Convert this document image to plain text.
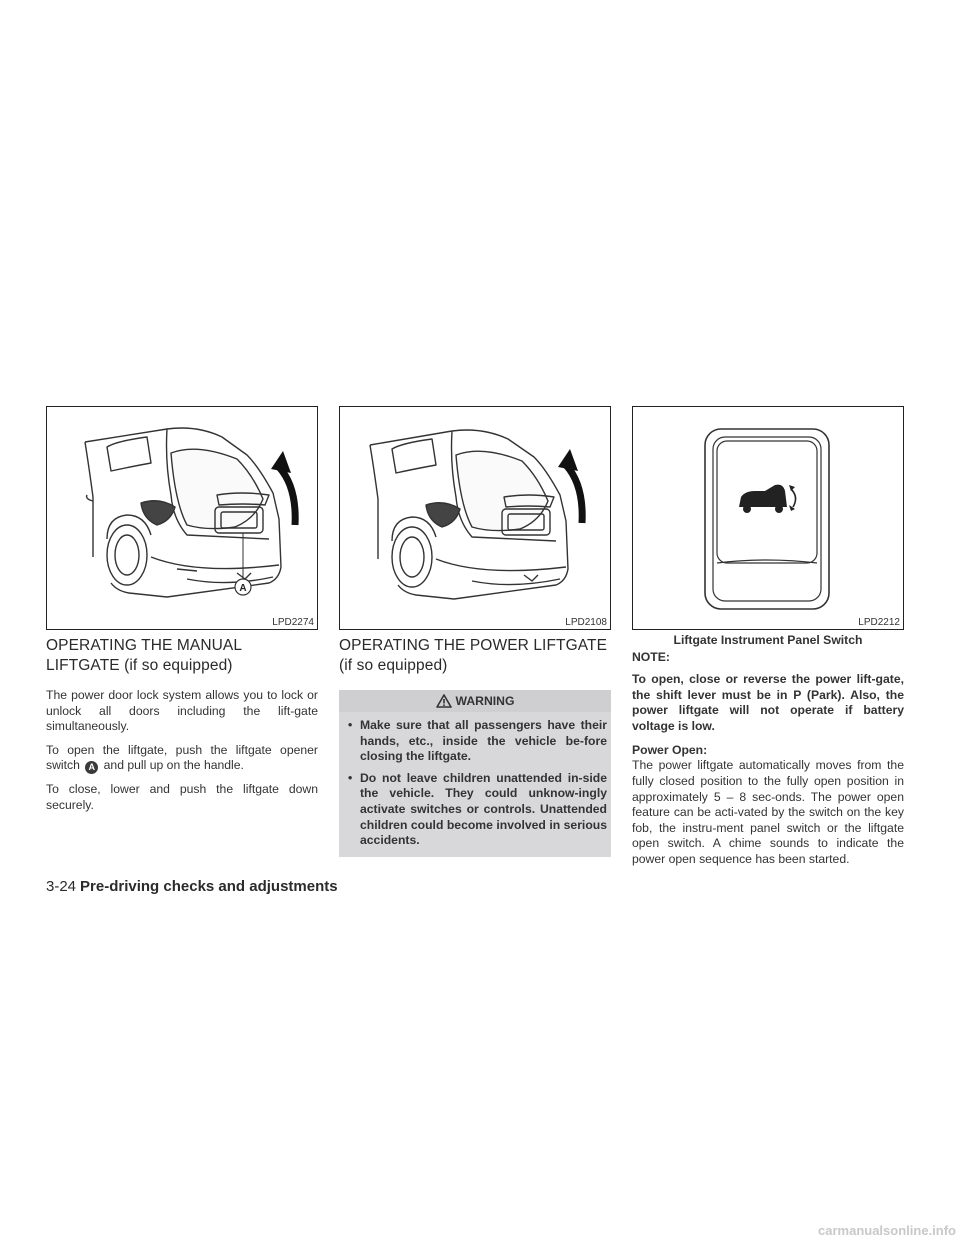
A
LPD2274	LPD2108	LPD2212
OPERATING THE MANUAL
LIFTGATE (if so equipped)

The power door lock system allows you to lock or unlock all doors including the lift-gate simultaneously.

To open the liftgate, push the liftgate opener switch A and pull up on the handle.

To close, lower and push the liftgate down securely.

OPERATING THE POWER LIFTGATE
(if so equipped)
WARNING
• Make sure that all passengers have their hands, etc., inside the vehicle be-fore closing the liftgate.
• Do not leave children unattended in-side the vehicle. They could unknow-ingly activate switches or controls. Unattended children could become involved in serious accidents.
Liftgate Instrument Panel Switch
NOTE:

To open, close or reverse the power lift-gate, the shift lever must be in P (Park). Also, the power liftgate will not operate if battery voltage is low.

Power Open:

The power liftgate automatically moves from the fully closed position to the fully open position in approximately 5 – 8 sec-onds. The power open feature can be acti-vated by the switch on the key fob, the instru-ment panel switch or the liftgate open switch. A chime sounds to indicate the power open sequence has been started.

3-24 Pre-driving checks and adjustments
carmanualsonline.info
